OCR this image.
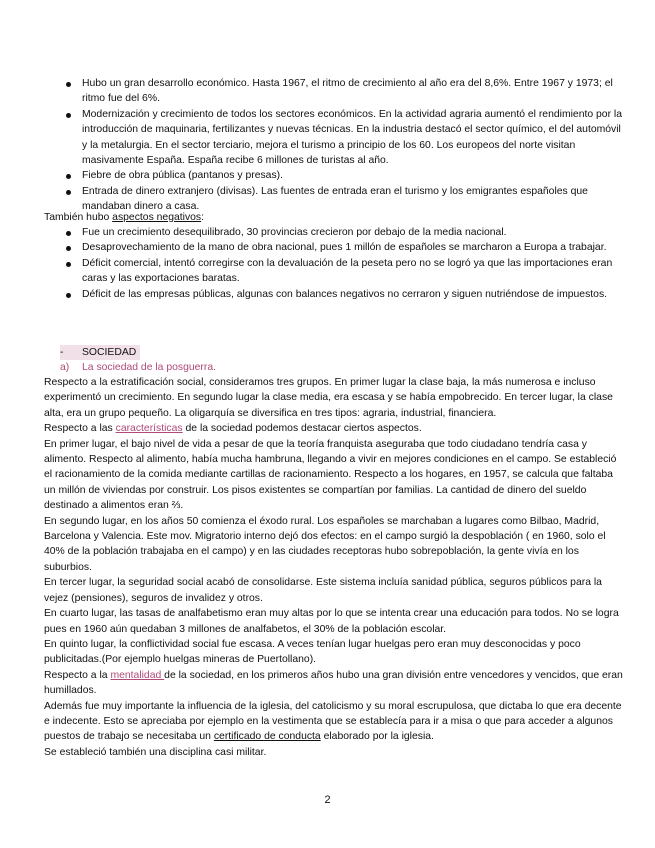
Hubo un gran desarrollo económico. Hasta 1967, el ritmo de crecimiento al año era del 8,6%. Entre 1967 y 1973; el ritmo fue del 6%.
Modernización y crecimiento de todos los sectores económicos. En la actividad agraria aumentó el rendimiento por la introducción de maquinaria, fertilizantes y nuevas técnicas. En la industria destacó el sector químico, el del automóvil y la metalurgia. En el sector terciario, mejora el turismo a principio de los 60. Los europeos del norte visitan masivamente España. España recibe 6 millones de turistas al año.
Fiebre de obra pública (pantanos y presas).
Entrada de dinero extranjero (divisas). Las fuentes de entrada eran el turismo y los emigrantes españoles que mandaban dinero a casa.

También hubo aspectos negativos:

Fue un crecimiento desequilibrado, 30 provincias crecieron por debajo de la media nacional.
Desaprovechamiento de la mano de obra nacional, pues 1 millón de españoles se marcharon a Europa a trabajar.
Déficit comercial, intentó corregirse con la devaluación de la peseta pero no se logró ya que las importaciones eran caras y las exportaciones baratas.
Déficit de las empresas públicas, algunas con balances negativos no cerraron y siguen nutriéndose de impuestos.
- SOCIEDAD
a) La sociedad de la posguerra.

Respecto a la estratificación social, consideramos tres grupos. En primer lugar la clase baja, la más numerosa e incluso experimentó un crecimiento. En segundo lugar la clase media, era escasa y se había empobrecido. En tercer lugar, la clase alta, era un grupo pequeño. La oligarquía se diversifica en tres tipos: agraria, industrial, financiera.

Respecto a las características de la sociedad podemos destacar ciertos aspectos.

En primer lugar, el bajo nivel de vida a pesar de que la teoría franquista aseguraba que todo ciudadano tendría casa y alimento. Respecto al alimento, había mucha hambruna, llegando a vivir en mejores condiciones en el campo. Se estableció el racionamiento de la comida mediante cartillas de racionamiento. Respecto a los hogares, en 1957, se calcula que faltaba un millón de viviendas por construir. Los pisos existentes se compartían por familias. La cantidad de dinero del sueldo destinado a alimentos eran ⅔.

En segundo lugar, en los años 50 comienza el éxodo rural. Los españoles se marchaban a lugares como Bilbao, Madrid, Barcelona y Valencia. Este mov. Migratorio interno dejó dos efectos: en el campo surgió la despoblación ( en 1960, solo el 40% de la población trabajaba en el campo) y en las ciudades receptoras hubo sobrepoblación, la gente vivía en los suburbios.

En tercer lugar, la seguridad social acabó de consolidarse. Este sistema incluía sanidad pública, seguros públicos para la vejez (pensiones), seguros de invalidez y otros.

En cuarto lugar, las tasas de analfabetismo eran muy altas por lo que se intenta crear una educación para todos. No se logra pues en 1960 aún quedaban 3 millones de analfabetos, el 30% de la población escolar.

En quinto lugar, la conflictividad social fue escasa. A veces tenían lugar huelgas pero eran muy desconocidas y poco publicitadas.(Por ejemplo huelgas mineras de Puertollano).

Respecto a la mentalidad de la sociedad, en los primeros años hubo una gran división entre vencedores y vencidos, que eran humillados.

Además fue muy importante la influencia de la iglesia, del catolicismo y su moral escrupulosa, que dictaba lo que era decente e indecente. Esto se apreciaba por ejemplo en la vestimenta que se establecía para ir a misa o que para acceder a algunos puestos de trabajo se necesitaba un certificado de conducta elaborado por la iglesia.

Se estableció también una disciplina casi militar.

2
